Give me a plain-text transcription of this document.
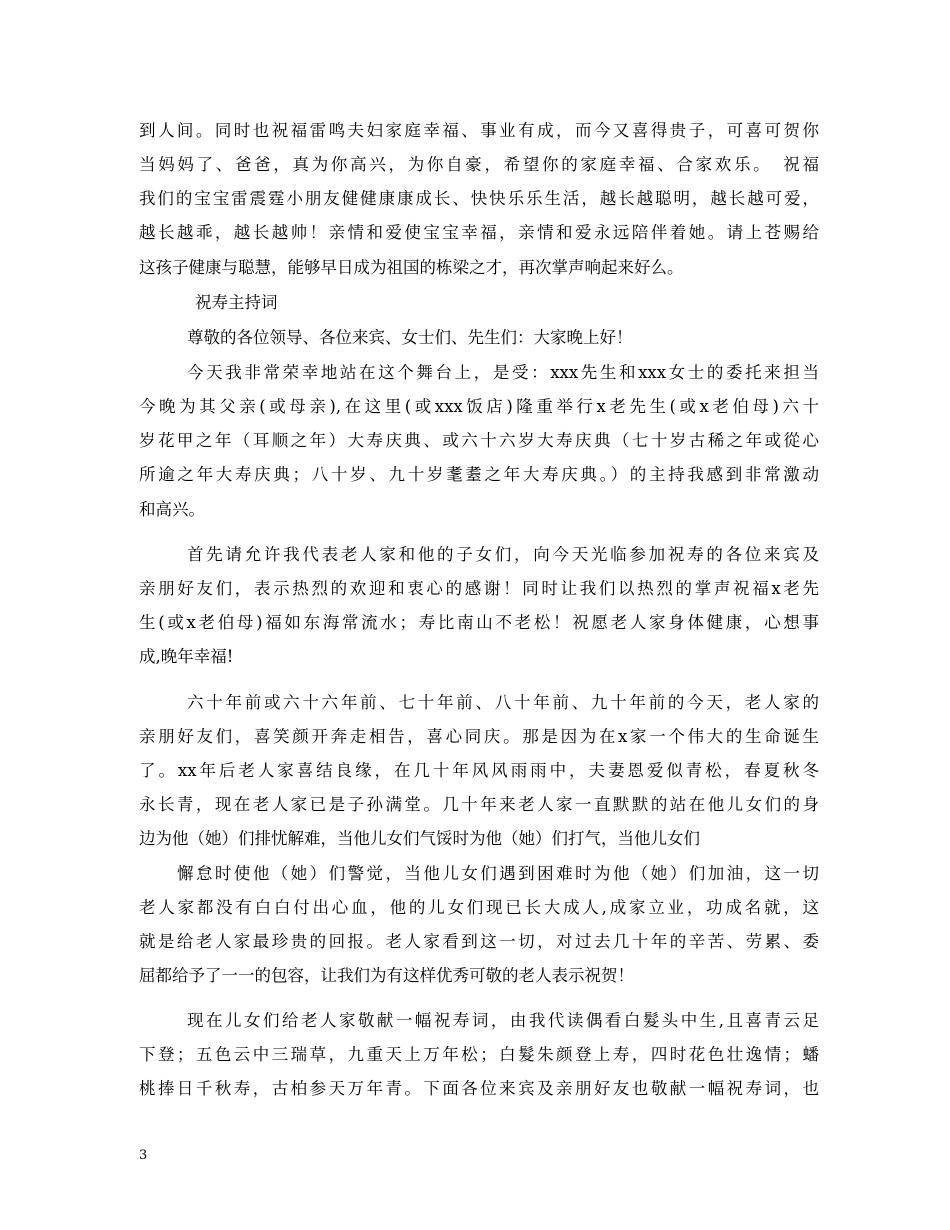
到人间。同时也祝福雷鸣夫妇家庭幸福、事业有成，而今又喜得贵子，可喜可贺你
当妈妈了、爸爸，真为你高兴，为你自豪，希望你的家庭幸福、合家欢乐。　祝福
我们的宝宝雷震霆小朋友健健康康成长、快快乐乐生活，越长越聪明，越长越可爱，
越长越乖，越长越帅！亲情和爱使宝宝幸福，亲情和爱永远陪伴着她。请上苍赐给
这孩子健康与聪慧，能够早日成为祖国的栋梁之才，再次掌声响起来好么。
祝寿主持词
尊敬的各位领导、各位来宾、女士们、先生们：大家晚上好！
今天我非常荣幸地站在这个舞台上，是受：xxx先生和xxx女士的委托来担当
今晚为其父亲(或母亲),在这里(或xxx饭店)隆重举行x老先生(或x老伯母)六十
岁花甲之年（耳顺之年）大寿庆典、或六十六岁大寿庆典（七十岁古稀之年或從心
所逾之年大寿庆典；八十岁、九十岁耄耋之年大寿庆典。）的主持我感到非常激动
和高兴。
首先请允许我代表老人家和他的子女们，向今天光临参加祝寿的各位来宾及
亲朋好友们，表示热烈的欢迎和衷心的感谢！同时让我们以热烈的掌声祝福x老先
生(或x老伯母)福如东海常流水；寿比南山不老松！祝愿老人家身体健康，心想事
成,晚年幸福!
六十年前或六十六年前、七十年前、八十年前、九十年前的今天，老人家的
亲朋好友们，喜笑颜开奔走相告，喜心同庆。那是因为在x家一个伟大的生命诞生
了。xx年后老人家喜结良缘，在几十年风风雨雨中，夫妻恩爱似青松，春夏秋冬
永长青，现在老人家已是子孙满堂。几十年来老人家一直默默的站在他儿女们的身
边为他（她）们排忧解难，当他儿女们气馁时为他（她）们打气，当他儿女们
懈怠时使他（她）们警觉，当他儿女们遇到困难时为他（她）们加油，这一切
老人家都没有白白付出心血，他的儿女们现已长大成人,成家立业，功成名就，这
就是给老人家最珍贵的回报。老人家看到这一切，对过去几十年的辛苦、劳累、委
屈都给予了一一的包容，让我们为有这样优秀可敬的老人表示祝贺！
现在儿女们给老人家敬献一幅祝寿词，由我代读偶看白髮头中生,且喜青云足
下登；五色云中三瑞草，九重天上万年松；白髮朱颜登上寿，四时花色壮逸情；蟠
桃捧日千秋寿，古柏参天万年青。下面各位来宾及亲朋好友也敬献一幅祝寿词，也
3
